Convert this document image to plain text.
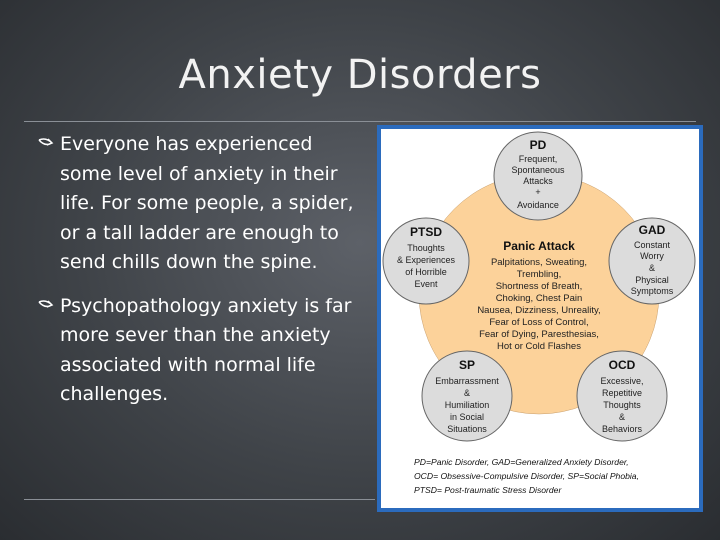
Anxiety Disorders
Everyone has experienced some level of anxiety in their life. For some people, a spider, or a tall ladder are enough to send chills down the spine.
Psychopathology anxiety is far more sever than the anxiety associated with normal life challenges.
Panic Attack
Palpitations, Sweating,
Trembling,
Shortness of Breath,
Choking, Chest Pain
Nausea, Dizziness, Unreality,
Fear of Loss of Control,
Fear of Dying, Paresthesias,
Hot or Cold Flashes
PD
Frequent,
Spontaneous
Attacks
+
Avoidance
PTSD
Thoughts
& Experiences
of Horrible
Event
GAD
Constant
Worry
&
Physical
Symptoms
SP
Embarrassment
&
Humiliation
in Social
Situations
OCD
Excessive,
Repetitive
Thoughts
&
Behaviors
PD=Panic Disorder, GAD=Generalized Anxiety Disorder,
OCD= Obsessive-Compulsive Disorder, SP=Social Phobia,
PTSD= Post-traumatic Stress Disorder
